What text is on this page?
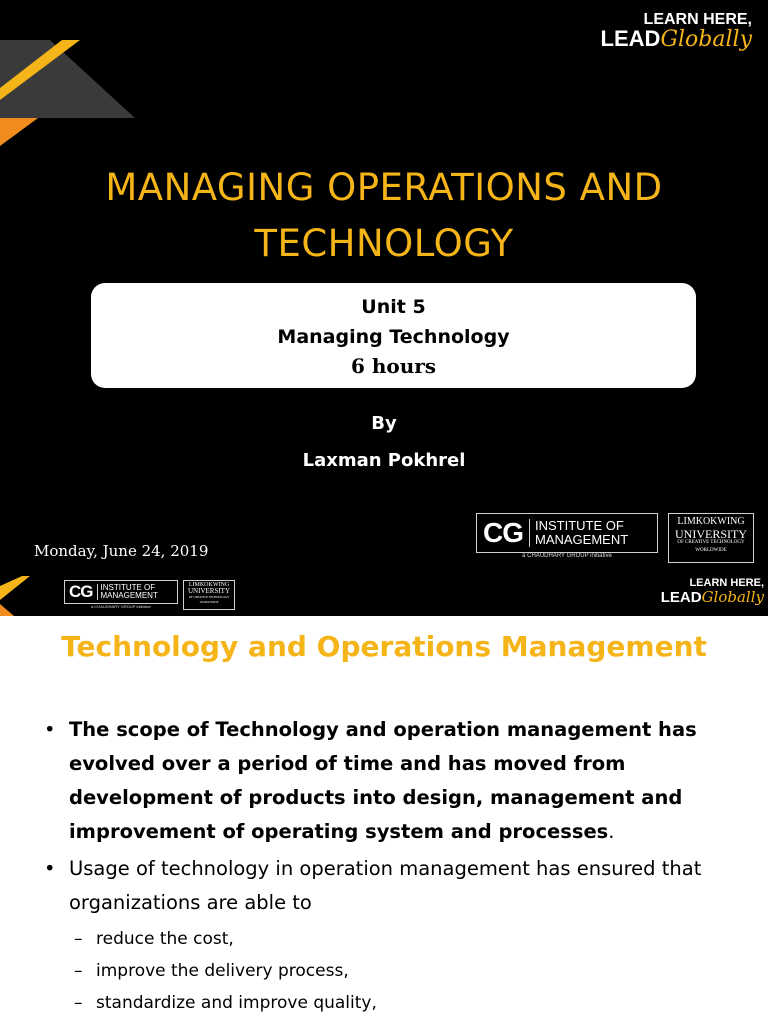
LEARN HERE,
LEADGlobally
MANAGING OPERATIONS AND
TECHNOLOGY
Unit 5
Managing Technology
6 hours
By
Laxman Pokhrel
Monday, June 24, 2019
CG INSTITUTE OF
MANAGEMENT
a CHAUDHARY GROUP initiative
LIMKOKWING
UNIVERSITY
OF CREATIVE TECHNOLOGY
WORLDWIDE
CG	INSTITUTE OF
MANAGEMENT
a CHAUDHARY GROUP initiative
LIMKOKWING
UNIVERSITY
OF CREATIVE TECHNOLOGY
WORLDWIDE
LEARN HERE,
LEADGlobally
Technology and Operations Management
• The scope of Technology and operation management has evolved over a period of time and has moved from development of products into design, management and improvement of operating system and processes.
• Usage of technology in operation management has ensured that organizations are able to
– reduce the cost,
– improve the delivery process,
– standardize and improve quality,
